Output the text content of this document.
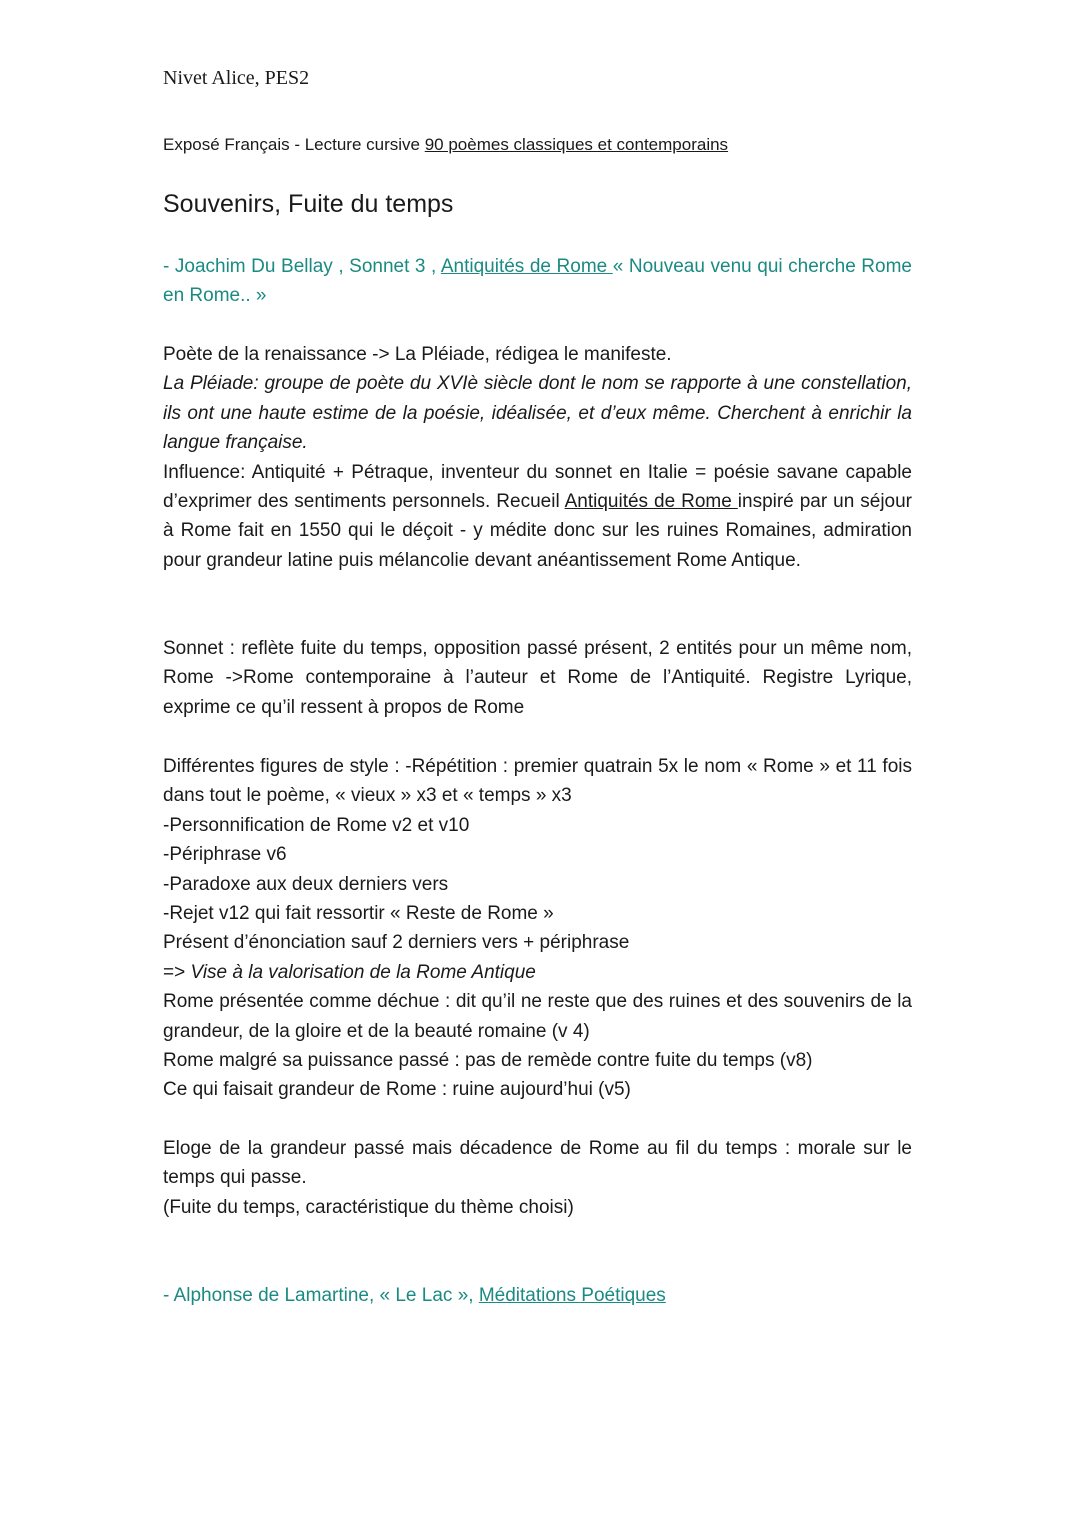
Nivet Alice, PES2
Exposé Français - Lecture cursive 90 poèmes classiques et contemporains
Souvenirs, Fuite du temps

- Joachim Du Bellay , Sonnet 3 , Antiquités de Rome « Nouveau venu qui cherche Rome en Rome.. »

Poète de la renaissance -> La Pléiade, rédigea le manifeste.

La Pléiade: groupe de poète du XVIè siècle dont le nom se rapporte à une constellation, ils ont une haute estime de la poésie, idéalisée, et d’eux même. Cherchent à enrichir la langue française.

Influence: Antiquité + Pétraque, inventeur du sonnet en Italie = poésie savane capable d’exprimer des sentiments personnels. Recueil Antiquités de Rome inspiré par un séjour à Rome fait en 1550 qui le déçoit - y médite donc sur les ruines Romaines, admiration pour grandeur latine puis mélancolie devant anéantissement Rome Antique.

Sonnet : reflète fuite du temps, opposition passé présent, 2 entités pour un même nom, Rome ->Rome contemporaine à l’auteur et Rome de l’Antiquité. Registre Lyrique, exprime ce qu’il ressent à propos de Rome

Différentes figures de style : -Répétition : premier quatrain 5x le nom « Rome » et 11 fois dans tout le poème, « vieux » x3 et « temps » x3

-Personnification de Rome v2 et v10

-Périphrase v6

-Paradoxe aux deux derniers vers

-Rejet v12 qui fait ressortir « Reste de Rome »

Présent d’énonciation sauf 2 derniers vers + périphrase

=> Vise à la valorisation de la Rome Antique

Rome présentée comme déchue : dit qu’il ne reste que des ruines et des souvenirs de la grandeur, de la gloire et de la beauté romaine (v 4)

Rome malgré sa puissance passé : pas de remède contre fuite du temps (v8)

Ce qui faisait grandeur de Rome : ruine aujourd’hui (v5)

Eloge de la grandeur passé mais décadence de Rome au fil du temps : morale sur le temps qui passe.

(Fuite du temps, caractéristique du thème choisi)

- Alphonse de Lamartine, « Le Lac », Méditations Poétiques
